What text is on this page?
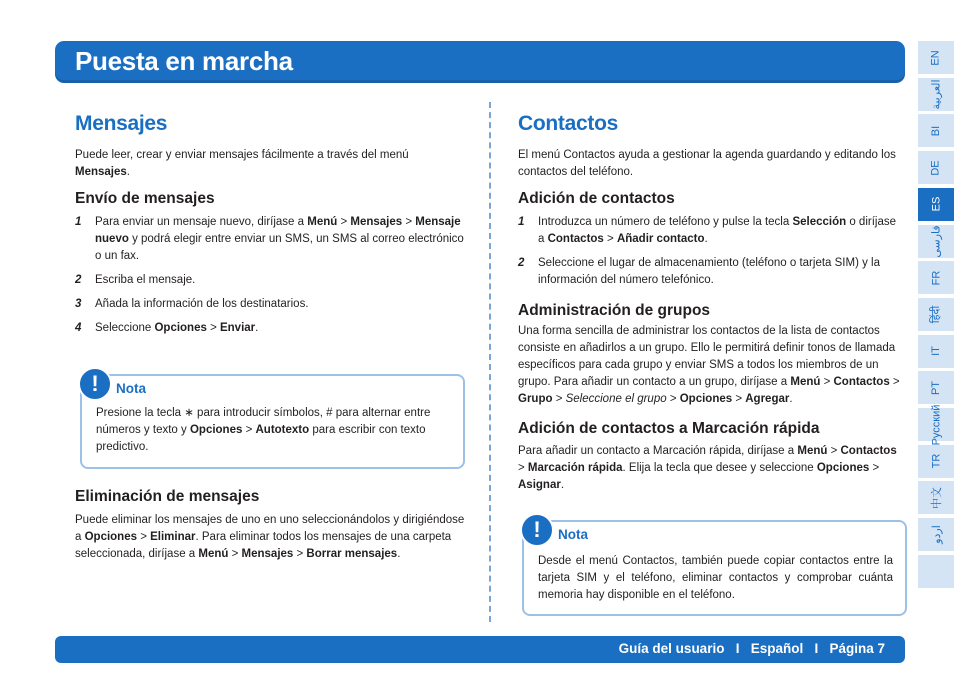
Puesta en marcha
Mensajes

Puede leer, crear y enviar mensajes fácilmente a través del menú Mensajes.

Envío de mensajes
1 Para enviar un mensaje nuevo, diríjase a Menú > Mensajes > Mensaje nuevo y podrá elegir entre enviar un SMS, un SMS al correo electrónico o un fax.
2 Escriba el mensaje.
3 Añada la información de los destinatarios.
4 Seleccione Opciones > Enviar.
!	Nota
Presione la tecla ∗ para introducir símbolos, # para alternar entre números y texto y Opciones > Autotexto para escribir con texto predictivo.
Eliminación de mensajes

Puede eliminar los mensajes de uno en uno seleccionándolos y dirigiéndose a Opciones > Eliminar. Para eliminar todos los mensajes de una carpeta seleccionada, diríjase a Menú > Mensajes > Borrar mensajes.

Contactos

El menú Contactos ayuda a gestionar la agenda guardando y editando los contactos del teléfono.

Adición de contactos
1 Introduzca un número de teléfono y pulse la tecla Selección o diríjase a Contactos > Añadir contacto.
2 Seleccione el lugar de almacenamiento (teléfono o tarjeta SIM) y la información del número telefónico.
Administración de grupos

Una forma sencilla de administrar los contactos de la lista de contactos consiste en añadirlos a un grupo. Ello le permitirá definir tonos de llamada específicos para cada grupo y enviar SMS a todos los miembros de un grupo. Para añadir un contacto a un grupo, diríjase a Menú > Contactos > Grupo > Seleccione el grupo > Opciones > Agregar.

Adición de contactos a Marcación rápida

Para añadir un contacto a Marcación rápida, diríjase a Menú > Contactos > Marcación rápida. Elija la tecla que desee y seleccione Opciones > Asignar.

!	Nota
Desde el menú Contactos, también puede copiar contactos entre la tarjeta SIM y el teléfono, eliminar contactos y comprobar cuánta memoria hay disponible en el teléfono.
Guía del usuario   I   Español   I   Página 7
EN
العربية
BI
DE
ES
فارسی
FR
हिंदी
IT
PT
Русский
TR
中文
اردو
